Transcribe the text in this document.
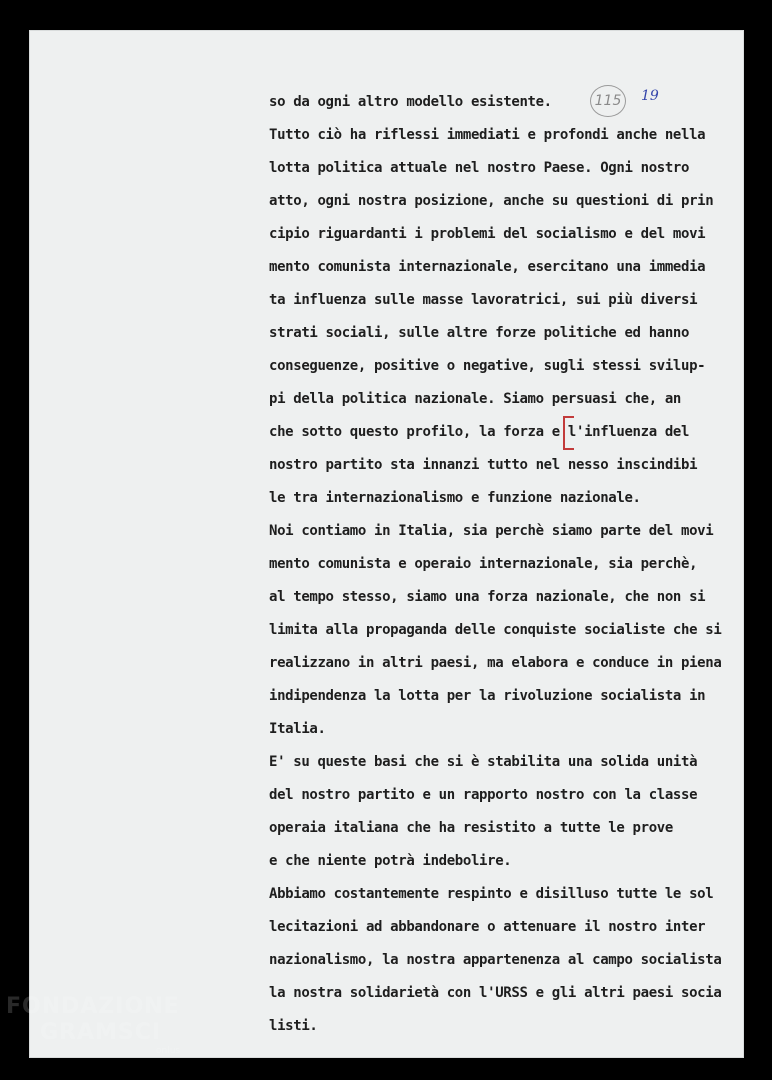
115	19
so da ogni altro modello esistente.
Tutto ciò ha riflessi immediati e profondi anche nella
lotta politica attuale nel nostro Paese. Ogni nostro
atto, ogni nostra posizione, anche su questioni di prin
cipio riguardanti i problemi del socialismo e del movi
mento comunista internazionale, esercitano una immedia
ta influenza sulle masse lavoratrici, sui più diversi
strati sociali, sulle altre forze politiche ed hanno
conseguenze, positive o negative, sugli stessi svilup-
pi della politica nazionale. Siamo persuasi che, an
che sotto questo profilo, la forza e l'influenza del
nostro partito sta innanzi tutto nel nesso inscindibi
le tra internazionalismo e funzione nazionale.
Noi contiamo in Italia, sia perchè siamo parte del movi
mento comunista e operaio internazionale, sia perchè,
al tempo stesso, siamo una forza nazionale, che non si
limita alla propaganda delle conquiste socialiste che si
realizzano in altri paesi, ma elabora e conduce in piena
indipendenza la lotta per la rivoluzione socialista in
Italia.
E' su queste basi che si è stabilita una solida unità
del nostro partito e un rapporto nostro con la classe
operaia italiana che ha resistito a tutte le prove
e che niente potrà indebolire.
Abbiamo costantemente respinto e disilluso tutte le sol
lecitazioni ad abbandonare o attenuare il nostro inter
nazionalismo, la nostra appartenenza al campo socialista
la nostra solidarietà con l'URSS e gli altri paesi socia
listi.
FONDAZIONE
GRAMSCI
onlus
